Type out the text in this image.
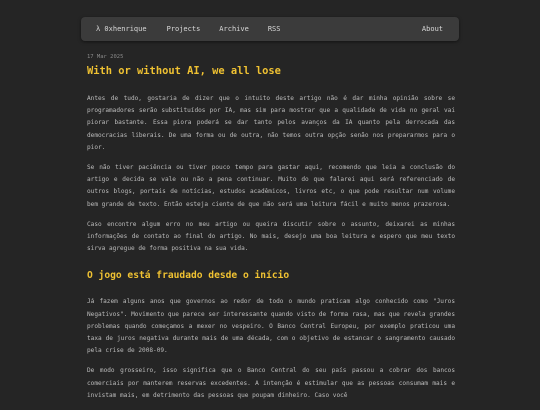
λ 0xhenrique	Projects	Archive	RSS	About
17 Mar 2025
With or without AI, we all lose

Antes de tudo, gostaria de dizer que o intuito deste artigo não é dar minha opinião sobre se programadores serão substituídos por IA, mas sim para mostrar que a qualidade de vida no geral vai piorar bastante. Essa piora poderá se dar tanto pelos avanços da IA quanto pela derrocada das democracias liberais. De uma forma ou de outra, não temos outra opção senão nos prepararmos para o pior.

Se não tiver paciência ou tiver pouco tempo para gastar aqui, recomendo que leia a conclusão do artigo e decida se vale ou não a pena continuar. Muito do que falarei aqui será referenciado de outros blogs, portais de notícias, estudos acadêmicos, livros etc, o que pode resultar num volume bem grande de texto. Então esteja ciente de que não será uma leitura fácil e muito menos prazerosa.

Caso encontre algum erro no meu artigo ou queira discutir sobre o assunto, deixarei as minhas informações de contato ao final do artigo. No mais, desejo uma boa leitura e espero que meu texto sirva agregue de forma positiva na sua vida.

O jogo está fraudado desde o início

Já fazem alguns anos que governos ao redor de todo o mundo praticam algo conhecido como "Juros Negativos". Movimento que parece ser interessante quando visto de forma rasa, mas que revela grandes problemas quando começamos a mexer no vespeiro. O Banco Central Europeu, por exemplo praticou uma taxa de juros negativa durante mais de uma década, com o objetivo de estancar o sangramento causado pela crise de 2008-09.

De modo grosseiro, isso significa que o Banco Central do seu país passou a cobrar dos bancos comerciais por manterem reservas excedentes. A intenção é estimular que as pessoas consumam mais e invistam mais, em detrimento das pessoas que poupam dinheiro. Caso você
